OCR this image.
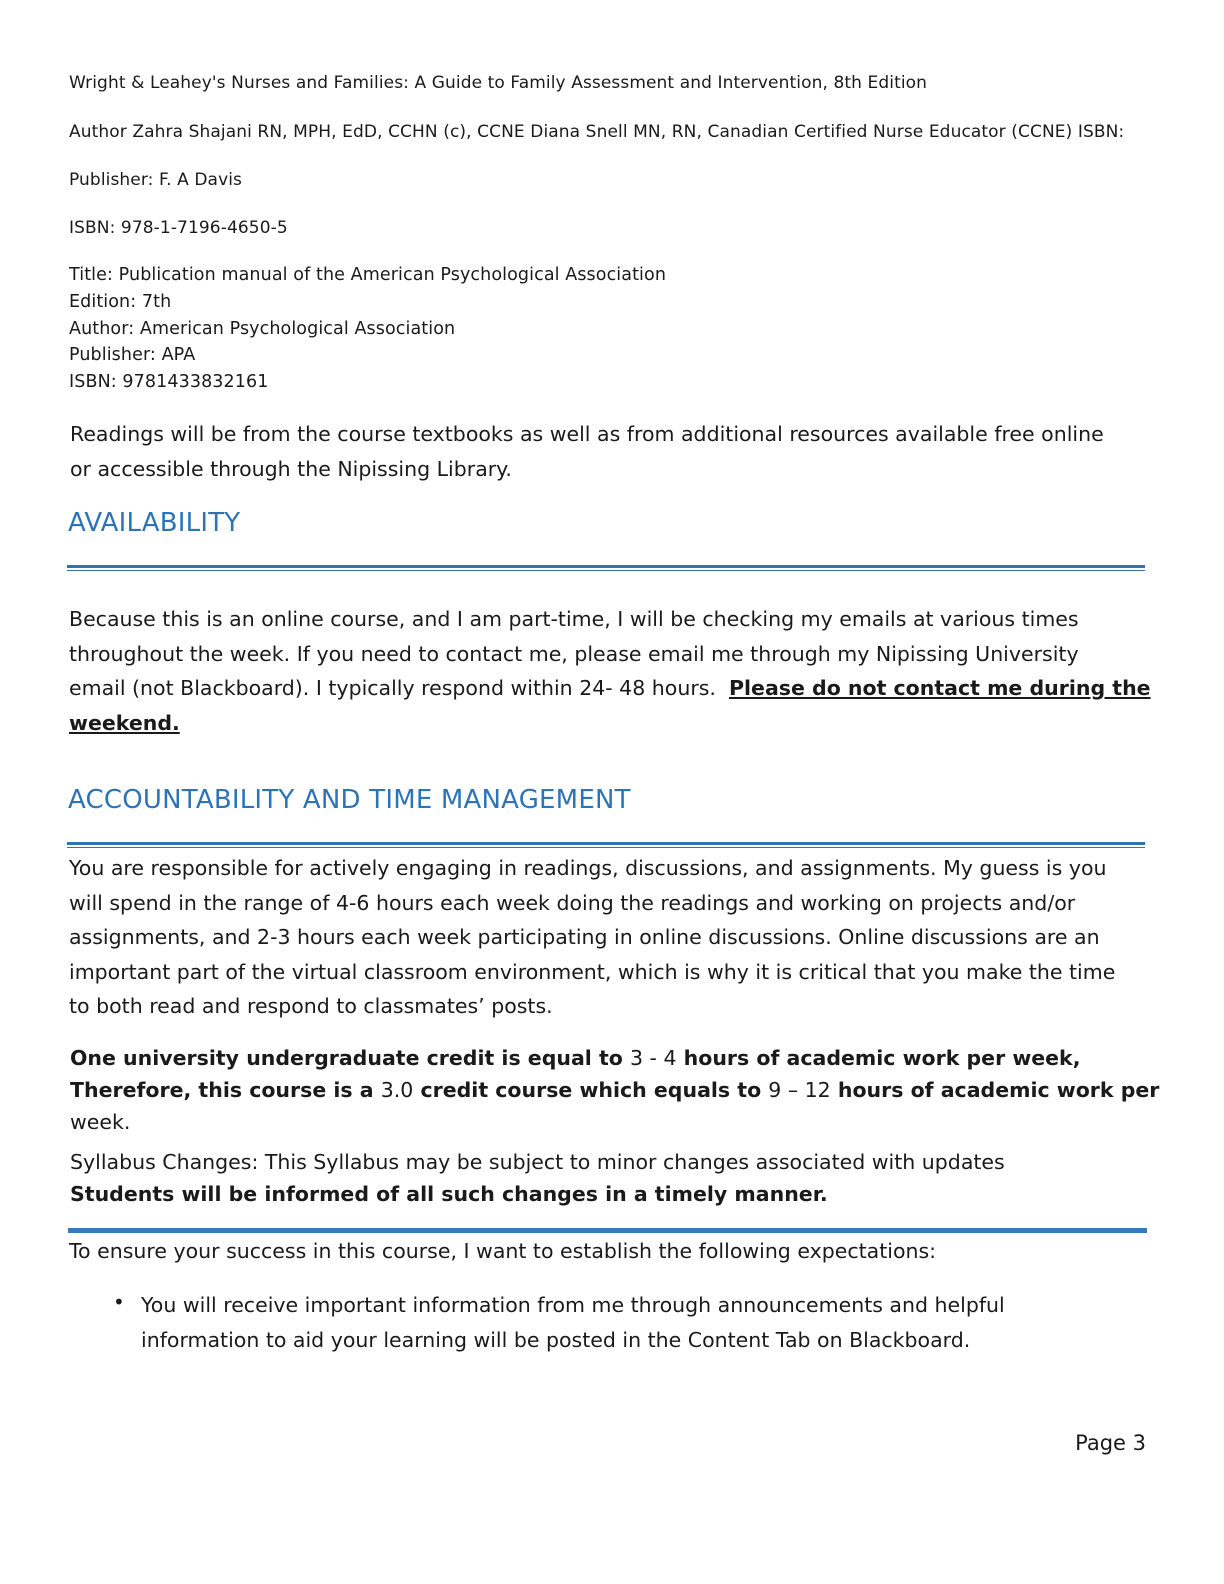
Wright & Leahey's Nurses and Families: A Guide to Family Assessment and Intervention, 8th Edition
Author Zahra Shajani RN, MPH, EdD, CCHN (c), CCNE Diana Snell MN, RN, Canadian Certified Nurse Educator (CCNE) ISBN:
Publisher: F. A Davis
ISBN: 978-1-7196-4650-5
Title: Publication manual of the American Psychological Association
Edition: 7th
Author: American Psychological Association
Publisher: APA
ISBN: 9781433832161
Readings will be from the course textbooks as well as from additional resources available free online
or accessible through the Nipissing Library.
AVAILABILITY
Because this is an online course, and I am part-time, I will be checking my emails at various times
throughout the week. If you need to contact me, please email me through my Nipissing University
email (not Blackboard). I typically respond within 24- 48 hours.  Please do not contact me during the
weekend.
ACCOUNTABILITY AND TIME MANAGEMENT
You are responsible for actively engaging in readings, discussions, and assignments. My guess is you
will spend in the range of 4-6 hours each week doing the readings and working on projects and/or
assignments, and 2-3 hours each week participating in online discussions. Online discussions are an
important part of the virtual classroom environment, which is why it is critical that you make the time
to both read and respond to classmates’ posts.
One university undergraduate credit is equal to 3 - 4 hours of academic work per week,
Therefore, this course is a 3.0 credit course which equals to 9 – 12 hours of academic work per
week.
Syllabus Changes: This Syllabus may be subject to minor changes associated with updates
Students will be informed of all such changes in a timely manner.
To ensure your success in this course, I want to establish the following expectations:
• You will receive important information from me through announcements and helpful
information to aid your learning will be posted in the Content Tab on Blackboard.
Page 3
